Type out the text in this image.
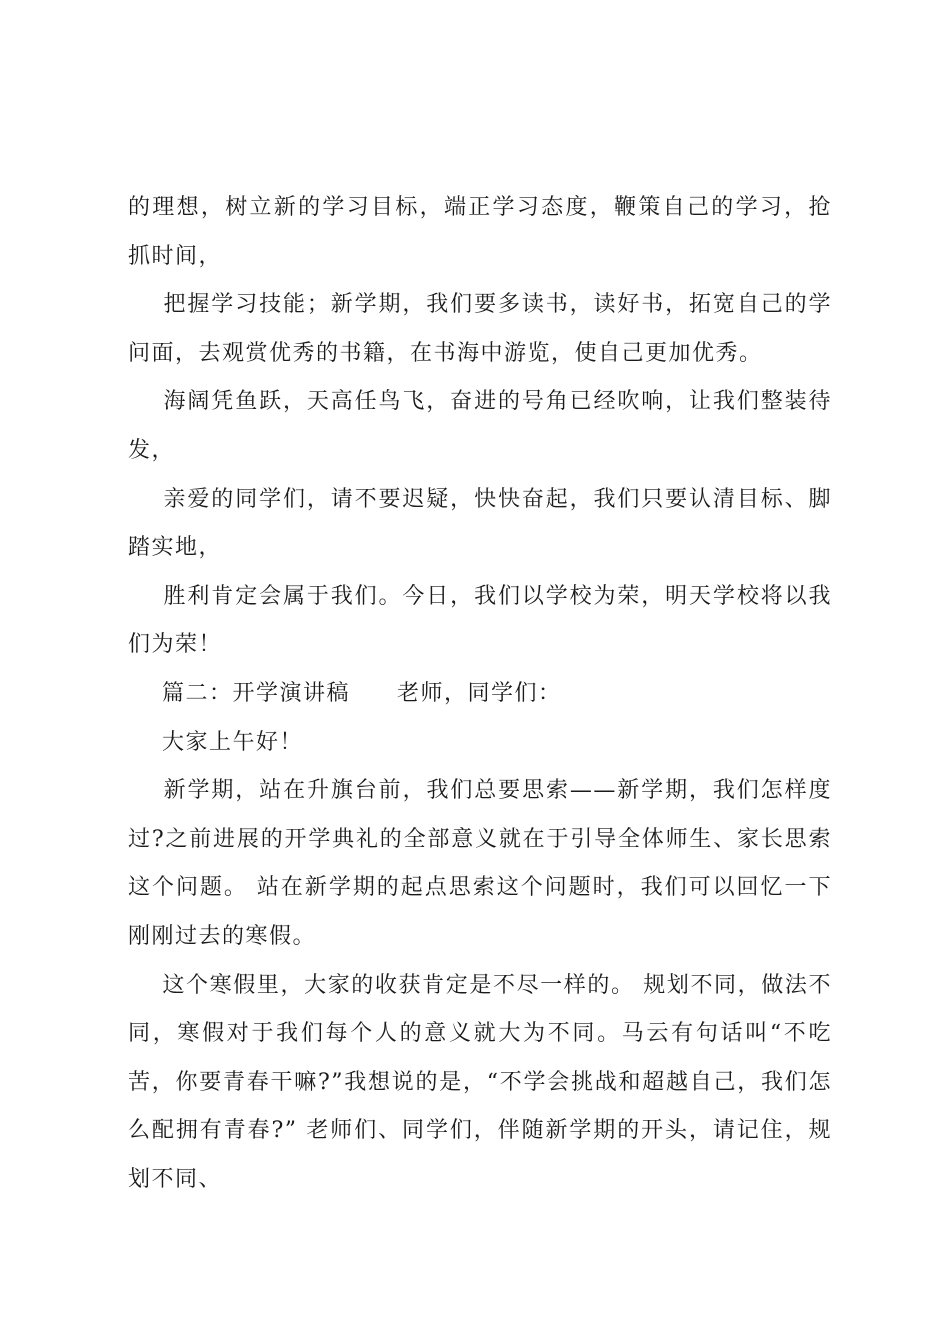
的理想，树立新的学习目标，端正学习态度，鞭策自己的学习，抢抓时间，

把握学习技能；新学期，我们要多读书，读好书，拓宽自己的学问面，去观赏优秀的书籍，在书海中游览，使自己更加优秀。

海阔凭鱼跃，天高任鸟飞，奋进的号角已经吹响，让我们整装待发，

亲爱的同学们，请不要迟疑，快快奋起，我们只要认清目标、脚踏实地，

胜利肯定会属于我们。今日，我们以学校为荣，明天学校将以我们为荣！

篇二：开学演讲稿　　老师，同学们：

大家上午好！

新学期，站在升旗台前，我们总要思索——新学期，我们怎样度过?之前进展的开学典礼的全部意义就在于引导全体师生、家长思索这个问题。 站在新学期的起点思索这个问题时，我们可以回忆一下刚刚过去的寒假。

这个寒假里，大家的收获肯定是不尽一样的。 规划不同，做法不同，寒假对于我们每个人的意义就大为不同。马云有句话叫“不吃苦，你要青春干嘛?”我想说的是，“不学会挑战和超越自己，我们怎么配拥有青春?” 老师们、同学们，伴随新学期的开头，请记住，规划不同、
